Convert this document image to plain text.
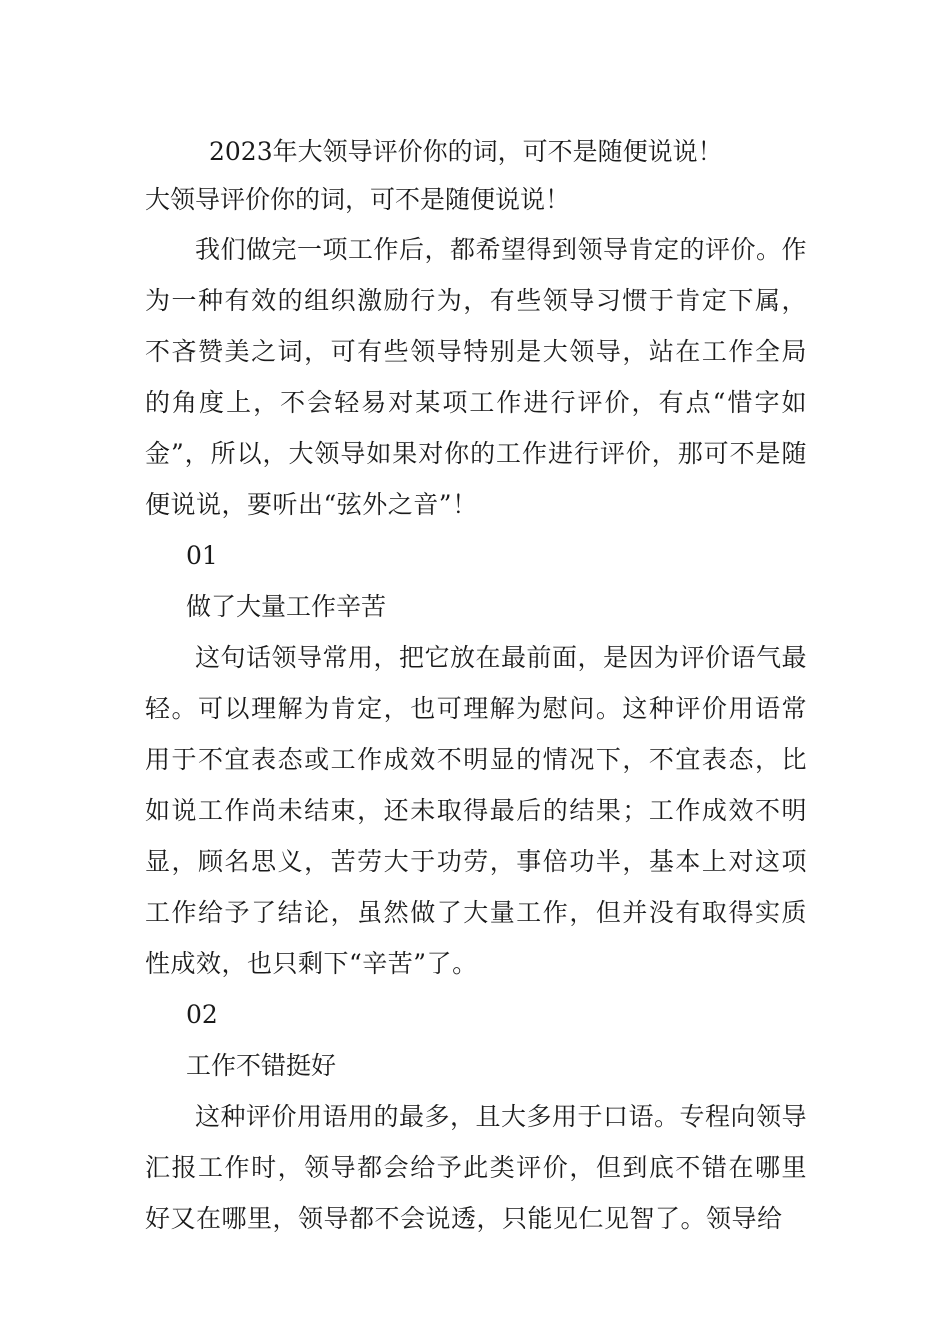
2023年大领导评价你的词，可不是随便说说！

大领导评价你的词，可不是随便说说！

我们做完一项工作后，都希望得到领导肯定的评价。作为一种有效的组织激励行为，有些领导习惯于肯定下属，不吝赞美之词，可有些领导特别是大领导，站在工作全局的角度上，不会轻易对某项工作进行评价，有点“惜字如金”，所以，大领导如果对你的工作进行评价，那可不是随便说说，要听出“弦外之音”！

01

做了大量工作辛苦

这句话领导常用，把它放在最前面，是因为评价语气最轻。可以理解为肯定，也可理解为慰问。这种评价用语常用于不宜表态或工作成效不明显的情况下，不宜表态，比如说工作尚未结束，还未取得最后的结果；工作成效不明显，顾名思义，苦劳大于功劳，事倍功半，基本上对这项工作给予了结论，虽然做了大量工作，但并没有取得实质性成效，也只剩下“辛苦”了。

02

工作不错挺好

这种评价用语用的最多，且大多用于口语。专程向领导汇报工作时，领导都会给予此类评价，但到底不错在哪里好又在哪里，领导都不会说透，只能见仁见智了。领导给
